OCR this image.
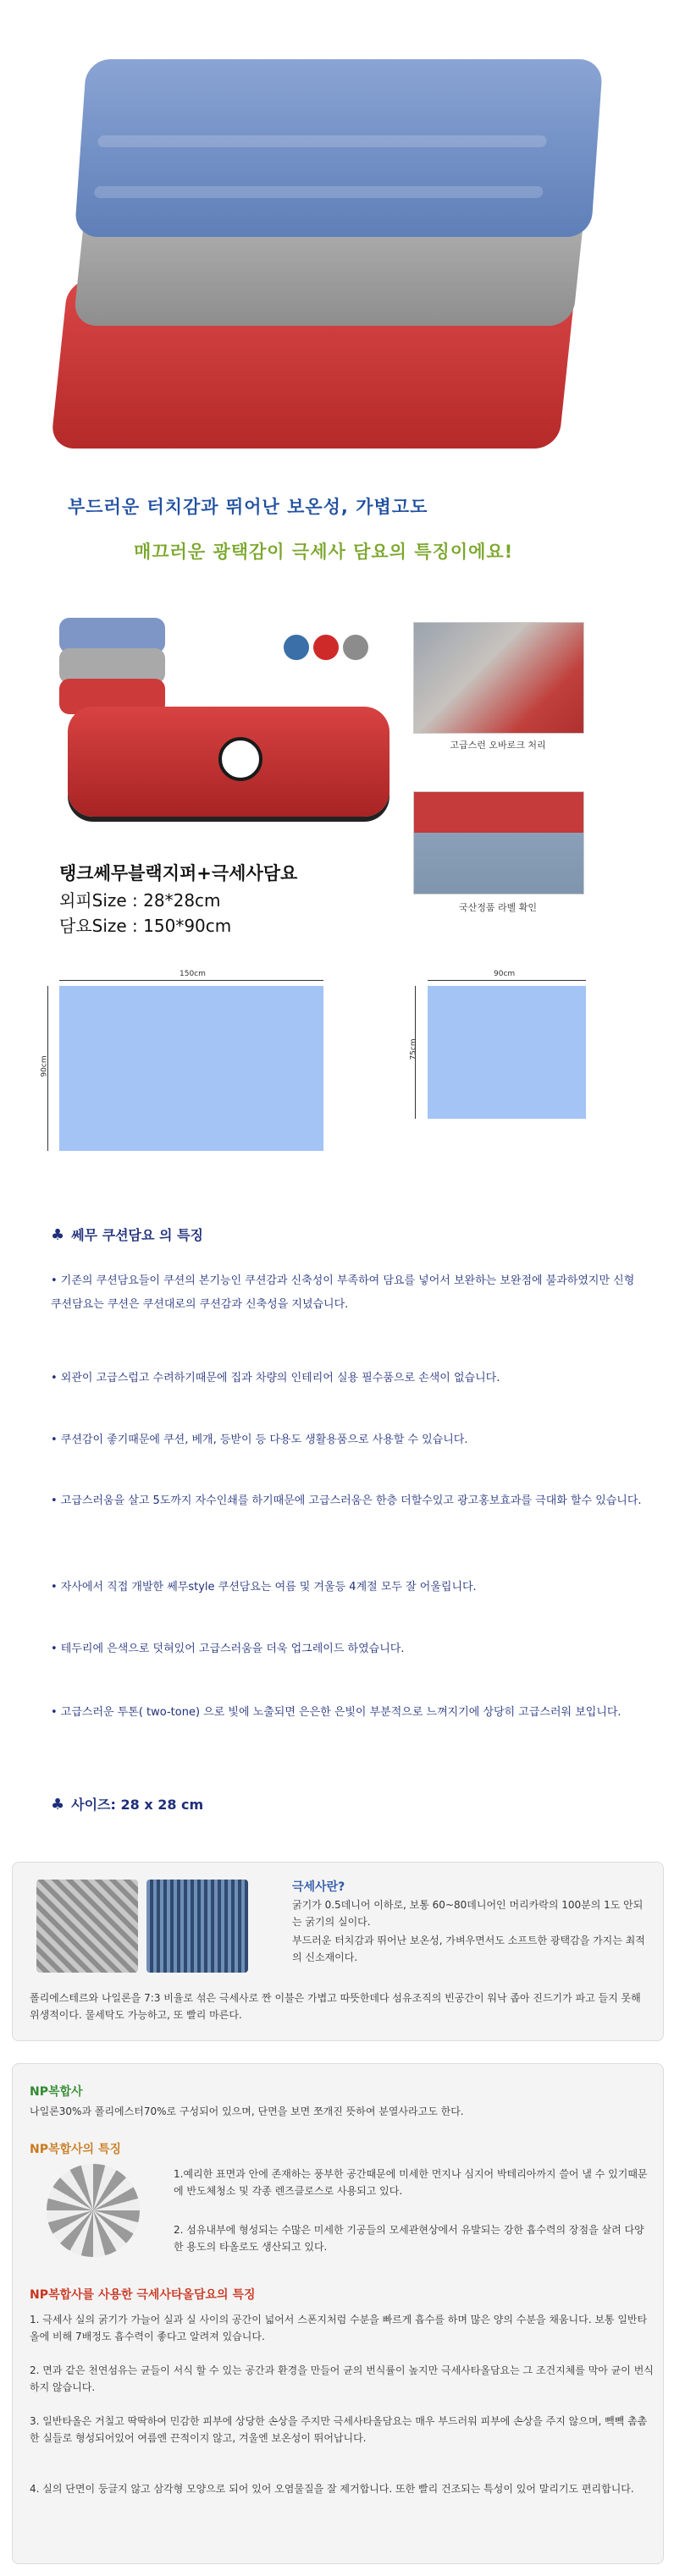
부드러운 터치감과 뛰어난 보온성, 가볍고도
매끄러운 광택감이 극세사 담요의 특징이에요!
고급스런 오바로크 처리
국산정품 라벨 확인
탱크쎄무블랙지퍼+극세사담요
외피Size : 28*28cm
담요Size : 150*90cm
150cm
90cm
90cm
75cm
♣ 쎄무 쿠션담요 의 특징
• 기존의 쿠션담요들이 쿠션의 본기능인 쿠션감과 신축성이 부족하여 담요를 넣어서 보완하는 보완점에 불과하였지만 신형쿠션담요는 쿠션은 쿠션대로의 쿠션감과 신축성을 지녔습니다.
• 외관이 고급스럽고 수려하기때문에 집과 차량의 인테리어 실용 필수품으로 손색이 없습니다.
• 쿠션감이 좋기때문에 쿠션, 베개, 등받이 등 다용도 생활용품으로 사용할 수 있습니다.
• 고급스러움을 살고 5도까지 자수인쇄를 하기때문에 고급스러움은 한층 더할수있고 광고홍보효과를 극대화 할수 있습니다.
• 자사에서 직접 개발한 쎄무style 쿠션담요는 여름 및 겨울등 4계절 모두 잘 어울립니다.
• 테두리에 은색으로 덧혀있어 고급스러움을 더욱 업그레이드 하였습니다.
• 고급스러운 투톤( two-tone) 으로 빛에 노출되면 은은한 은빛이 부분적으로 느껴지기에 상당히 고급스러워 보입니다.
♣ 사이즈: 28 x 28 cm
극세사란?
굵기가 0.5데니어 이하로, 보통 60~80데니어인 머리카락의 100분의 1도 안되는 굵기의 실이다.
부드러운 터치감과 뛰어난 보온성, 가벼우면서도 소프트한 광택감을 가지는 최적의 신소재이다.
폴리에스테르와 나일론을 7:3 비율로 섞은 극세사로 짠 이불은 가볍고 따뜻한데다 섬유조직의 빈공간이 워낙 좁아 진드기가 파고 들지 못해 위생적이다. 물세탁도 가능하고, 또 빨리 마른다.
NP복합사
나일론30%과 폴리에스터70%로 구성되어 있으며, 단면을 보면 쪼개진 뜻하여 분열사라고도 한다.
NP복합사의 특징
1.예리한 표면과 안에 존재하는 풍부한 공간때문에 미세한 먼지나 심지어 박테리아까지 쓸어 낼 수 있기때문에 반도체청소 및 각종 렌즈클로스로 사용되고 있다.
2. 섬유내부에 형성되는 수많은 미세한 기공들의 모세관현상에서 유발되는 강한 흡수력의 장점을 살려 다양한 용도의 타올로도 생산되고 있다.
NP복합사를 사용한 극세사타올담요의 특징
1. 극세사 실의 굵기가 가늘어 실과 실 사이의 공간이 넓어서 스폰지처럼 수분을 빠르게 흡수를 하며 많은 양의 수분을 채움니다. 보통 일반타올에 비해 7배정도 흡수력이 좋다고 알려져 있습니다.
2. 면과 같은 천연섬유는 균들이 서식 할 수 있는 공간과 환경을 만들어 균의 번식률이 높지만 극세사타올담요는 그 조건지체를 막아 균이 번식하지 않습니다.
3. 일반타올은 거칠고 딱딱하여 민감한 피부에 상당한 손상을 주지만 극세사타올담요는 매우 부드러워 피부에 손상을 주지 않으며, 빽빽 촘촘한 실들로 형성되어있어 여름엔 끈적이지 않고, 겨울엔 보온성이 뛰어납니다.
4. 실의 단면이 둥글지 않고 삼각형 모양으로 되어 있어 오염물질을 잘 제거합니다. 또한 빨리 건조되는 특성이 있어 말리기도 편리합니다.
